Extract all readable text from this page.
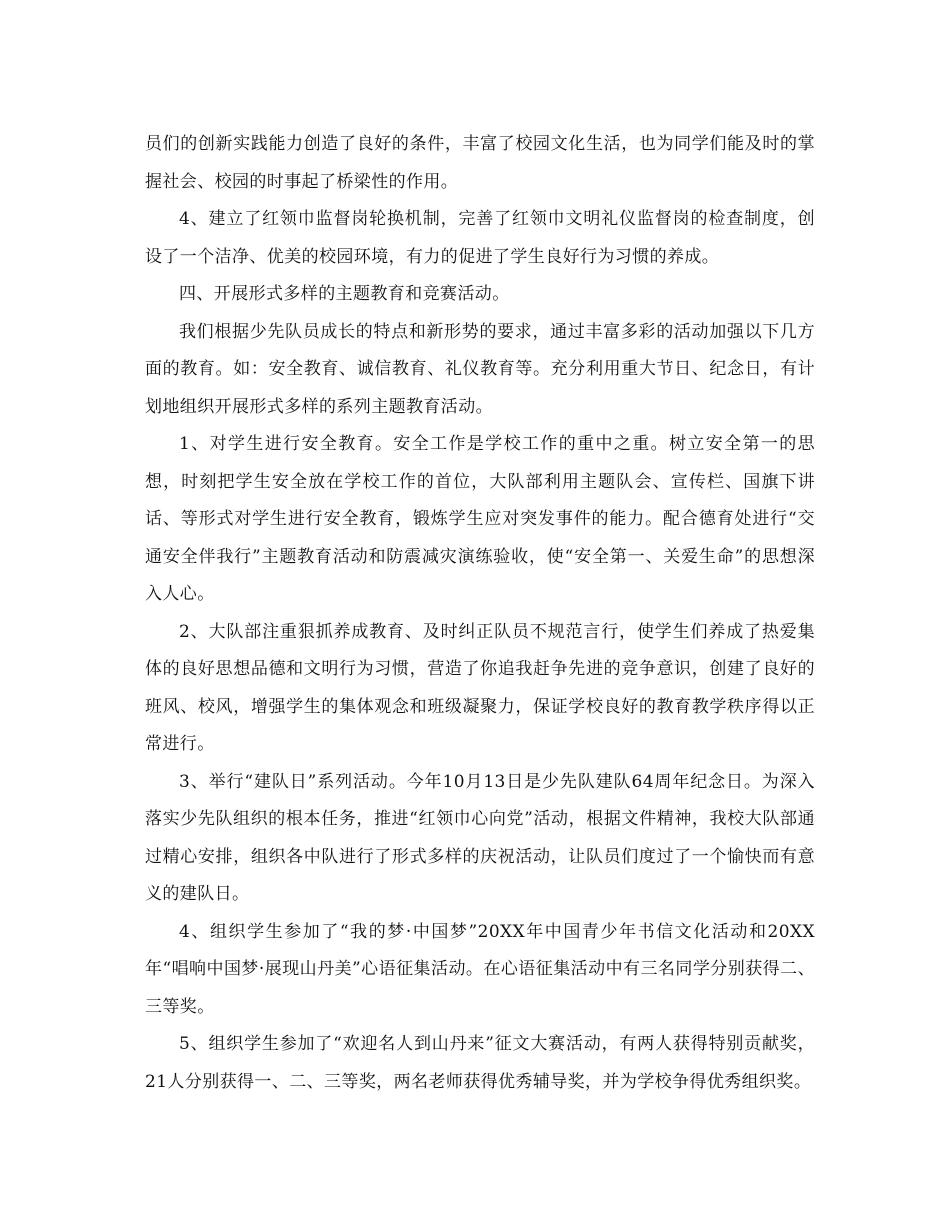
员们的创新实践能力创造了良好的条件，丰富了校园文化生活，也为同学们能及时的掌握社会、校园的时事起了桥梁性的作用。

4、建立了红领巾监督岗轮换机制，完善了红领巾文明礼仪监督岗的检查制度，创设了一个洁净、优美的校园环境，有力的促进了学生良好行为习惯的养成。

四、开展形式多样的主题教育和竞赛活动。

我们根据少先队员成长的特点和新形势的要求，通过丰富多彩的活动加强以下几方面的教育。如：安全教育、诚信教育、礼仪教育等。充分利用重大节日、纪念日，有计划地组织开展形式多样的系列主题教育活动。

1、对学生进行安全教育。安全工作是学校工作的重中之重。树立安全第一的思想，时刻把学生安全放在学校工作的首位，大队部利用主题队会、宣传栏、国旗下讲话、等形式对学生进行安全教育，锻炼学生应对突发事件的能力。配合德育处进行“交通安全伴我行”主题教育活动和防震减灾演练验收，使“安全第一、关爱生命”的思想深入人心。

2、大队部注重狠抓养成教育、及时纠正队员不规范言行，使学生们养成了热爱集体的良好思想品德和文明行为习惯，营造了你追我赶争先进的竞争意识，创建了良好的班风、校风，增强学生的集体观念和班级凝聚力，保证学校良好的教育教学秩序得以正常进行。

3、举行“建队日”系列活动。今年10月13日是少先队建队64周年纪念日。为深入落实少先队组织的根本任务，推进“红领巾心向党”活动，根据文件精神，我校大队部通过精心安排，组织各中队进行了形式多样的庆祝活动，让队员们度过了一个愉快而有意义的建队日。

4、组织学生参加了“我的梦·中国梦”20XX年中国青少年书信文化活动和20XX年“唱响中国梦·展现山丹美”心语征集活动。在心语征集活动中有三名同学分别获得二、三等奖。

5、组织学生参加了“欢迎名人到山丹来”征文大赛活动，有两人获得特别贡献奖，21人分别获得一、二、三等奖，两名老师获得优秀辅导奖，并为学校争得优秀组织奖。
